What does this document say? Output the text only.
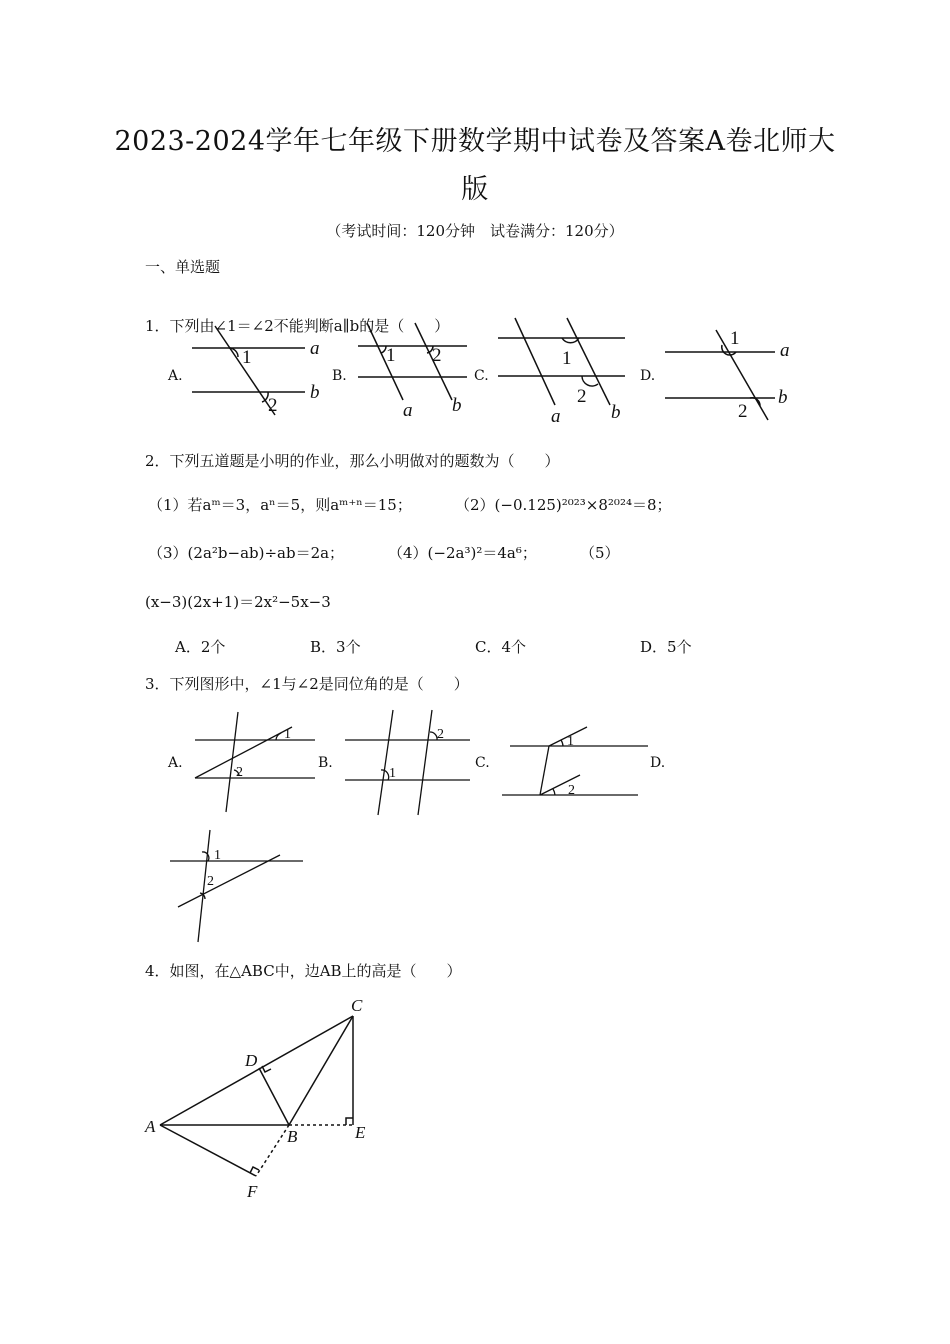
2023-2024学年七年级下册数学期中试卷及答案A卷北师大
版
（考试时间：120分钟　试卷满分：120分）
一、单选题
1．下列由∠1＝∠2不能判断a∥b的是（　　）
A.	B.	C.	D.
a
b
1
2
1 2
a b
1
2
a	b
1
2
a
b
2．下列五道题是小明的作业，那么小明做对的题数为（　　）
（1）若aᵐ＝3，aⁿ＝5，则aᵐ⁺ⁿ＝15；	（2）(−0.125)²⁰²³×8²⁰²⁴＝8；
（3）(2a²b−ab)÷ab＝2a；	（4）(−2a³)²＝4a⁶；	（5）
(x−3)(2x+1)＝2x²−5x−3
A．2个	B．3个	C．4个	D．5个
3．下列图形中，∠1与∠2是同位角的是（　　）
A.	B.	C.	D.
1
2
2
1
1
2
1
2
4．如图，在△ABC中，边AB上的高是（　　）
A
B
C
D
E
F
